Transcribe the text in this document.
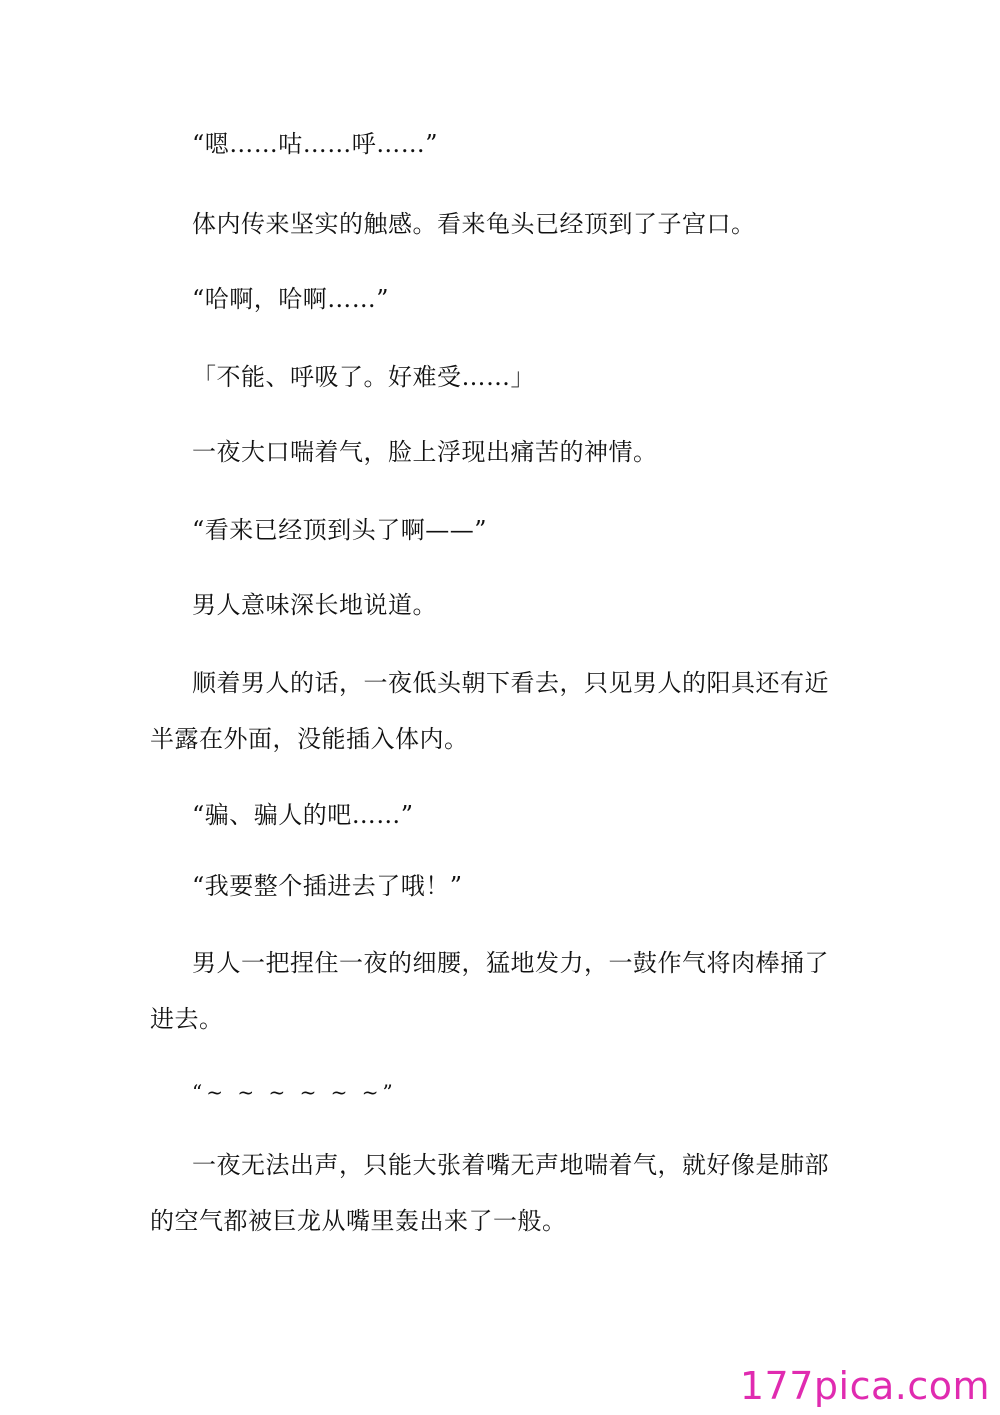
“嗯……咕……呼……”

体内传来坚实的触感。看来龟头已经顶到了子宫口。

“哈啊，哈啊……”

「不能、呼吸了。好难受……」

一夜大口喘着气，脸上浮现出痛苦的神情。

“看来已经顶到头了啊——”

男人意味深长地说道。

顺着男人的话，一夜低头朝下看去，只见男人的阳具还有近半露在外面，没能插入体内。

“骗、骗人的吧……”

“我要整个插进去了哦！”

男人一把捏住一夜的细腰，猛地发力，一鼓作气将肉棒捅了进去。

“~ ~ ~ ~ ~ ~”

一夜无法出声，只能大张着嘴无声地喘着气，就好像是肺部的空气都被巨龙从嘴里轰出来了一般。

177pica.com
